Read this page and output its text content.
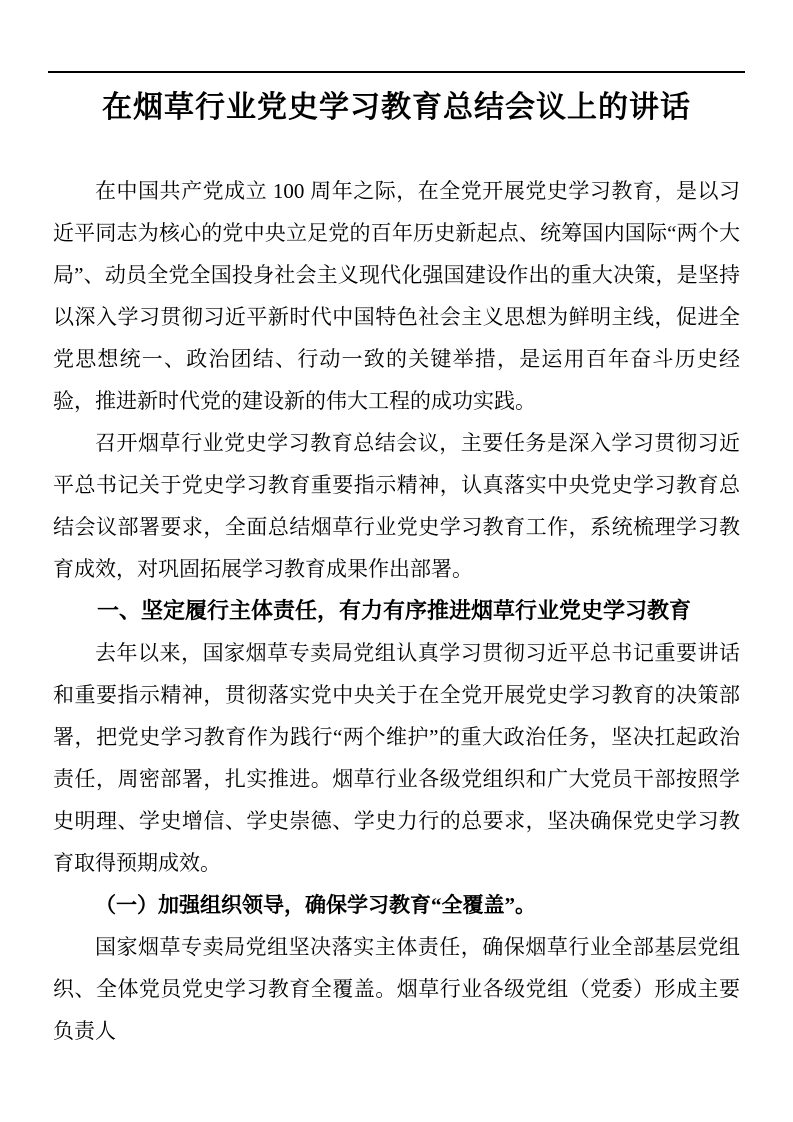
在烟草行业党史学习教育总结会议上的讲话

在中国共产党成立 100 周年之际，在全党开展党史学习教育，是以习近平同志为核心的党中央立足党的百年历史新起点、统筹国内国际“两个大局”、动员全党全国投身社会主义现代化强国建设作出的重大决策，是坚持以深入学习贯彻习近平新时代中国特色社会主义思想为鲜明主线，促进全党思想统一、政治团结、行动一致的关键举措，是运用百年奋斗历史经验，推进新时代党的建设新的伟大工程的成功实践。

召开烟草行业党史学习教育总结会议，主要任务是深入学习贯彻习近平总书记关于党史学习教育重要指示精神，认真落实中央党史学习教育总结会议部署要求，全面总结烟草行业党史学习教育工作，系统梳理学习教育成效，对巩固拓展学习教育成果作出部署。

一、坚定履行主体责任，有力有序推进烟草行业党史学习教育

去年以来，国家烟草专卖局党组认真学习贯彻习近平总书记重要讲话和重要指示精神，贯彻落实党中央关于在全党开展党史学习教育的决策部署，把党史学习教育作为践行“两个维护”的重大政治任务，坚决扛起政治责任，周密部署，扎实推进。烟草行业各级党组织和广大党员干部按照学史明理、学史增信、学史崇德、学史力行的总要求，坚决确保党史学习教育取得预期成效。

（一）加强组织领导，确保学习教育“全覆盖”。

国家烟草专卖局党组坚决落实主体责任，确保烟草行业全部基层党组织、全体党员党史学习教育全覆盖。烟草行业各级党组（党委）形成主要负责人
